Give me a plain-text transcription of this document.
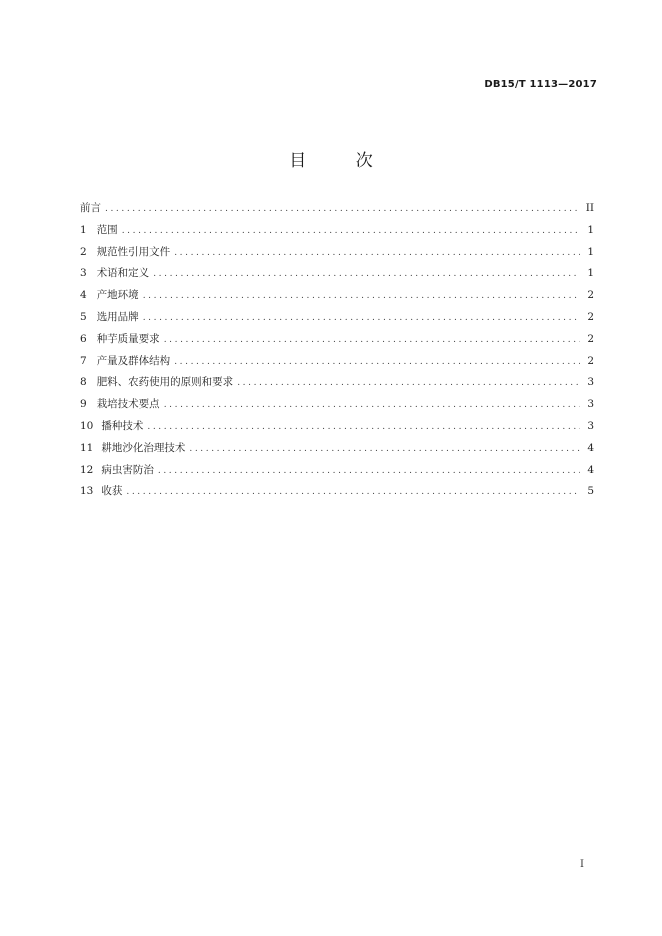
DB15/T 1113—2017
目 次
前言 .....	II
1 范围 .....	1
2 规范性引用文件 .....	1
3 术语和定义 .....	1
4 产地环境 .....	2
5 选用品牌 .....	2
6 种芋质量要求 .....	2
7 产量及群体结构 .....	2
8 肥料、农药使用的原则和要求 .....	3
9 栽培技术要点 .....	3
10 播种技术 .....	3
11 耕地沙化治理技术 .....	4
12 病虫害防治 .....	4
13 收获 .....	5
I
